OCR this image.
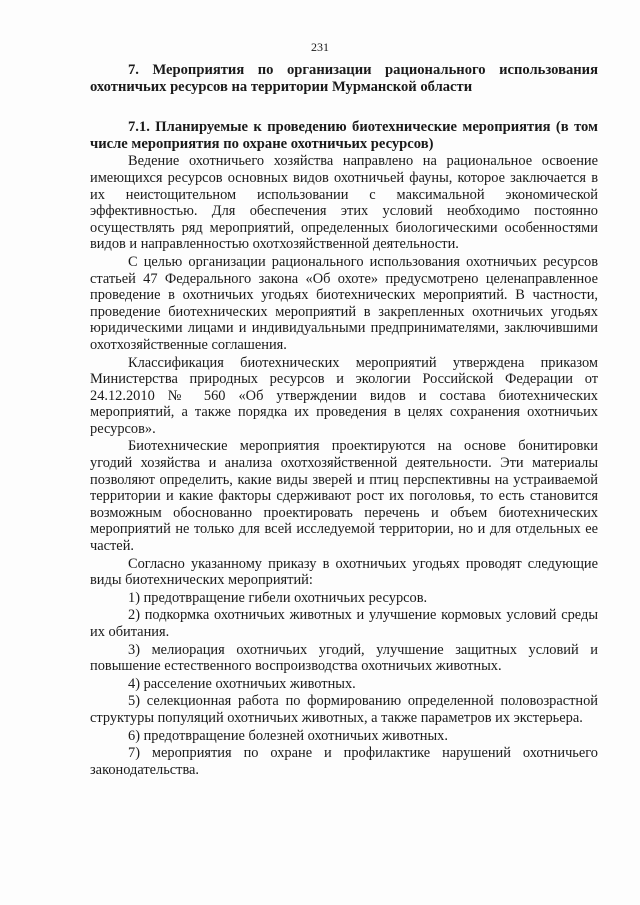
231
7. Мероприятия по организации рационального использования охотничьих ресурсов на территории Мурманской области
7.1. Планируемые к проведению биотехнические мероприятия (в том числе мероприятия по охране охотничьих ресурсов)

Ведение охотничьего хозяйства направлено на рациональное освоение имеющихся ресурсов основных видов охотничьей фауны, которое заключается в их неистощительном использовании с максимальной экономической эффективностью. Для обеспечения этих условий необходимо постоянно осуществлять ряд мероприятий, определенных биологическими особенностями видов и направленностью охотхозяйственной деятельности.

С целью организации рационального использования охотничьих ресурсов статьей 47 Федерального закона «Об охоте» предусмотрено целенаправленное проведение в охотничьих угодьях биотехнических мероприятий. В частности, проведение биотехнических мероприятий в закрепленных охотничьих угодьях юридическими лицами и индивидуальными предпринимателями, заключившими охотхозяйственные соглашения.

Классификация биотехнических мероприятий утверждена приказом Министерства природных ресурсов и экологии Российской Федерации от 24.12.2010 № 560 «Об утверждении видов и состава биотехнических мероприятий, а также порядка их проведения в целях сохранения охотничьих ресурсов».

Биотехнические мероприятия проектируются на основе бонитировки угодий хозяйства и анализа охотхозяйственной деятельности. Эти материалы позволяют определить, какие виды зверей и птиц перспективны на устраиваемой территории и какие факторы сдерживают рост их поголовья, то есть становится возможным обоснованно проектировать перечень и объем биотехнических мероприятий не только для всей исследуемой территории, но и для отдельных ее частей.

Согласно указанному приказу в охотничьих угодьях проводят следующие виды биотехнических мероприятий:

1) предотвращение гибели охотничьих ресурсов.
2) подкормка охотничьих животных и улучшение кормовых условий среды их обитания.
3) мелиорация охотничьих угодий, улучшение защитных условий и повышение естественного воспроизводства охотничьих животных.
4) расселение охотничьих животных.
5) селекционная работа по формированию определенной половозрастной структуры популяций охотничьих животных, а также параметров их экстерьера.
6) предотвращение болезней охотничьих животных.
7) мероприятия по охране и профилактике нарушений охотничьего законодательства.
